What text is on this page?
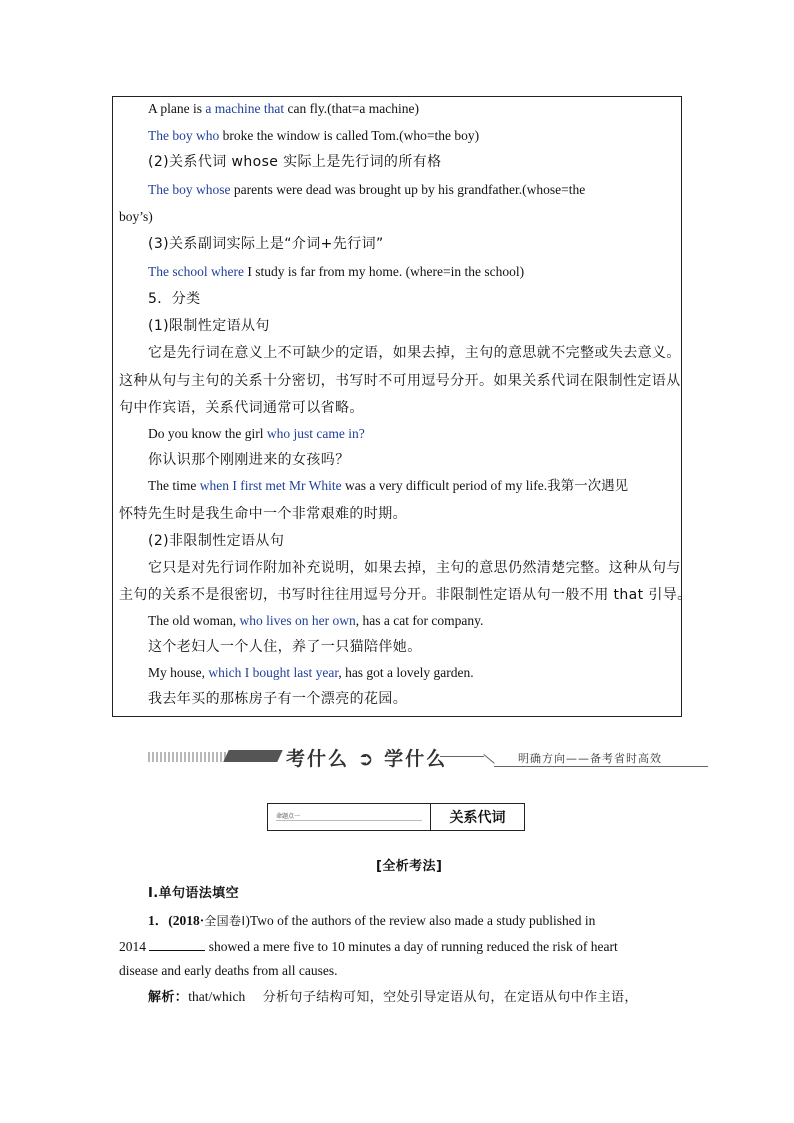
A plane is a machine that can fly.(that=a machine)
The boy who broke the window is called Tom.(who=the boy)
(2)关系代词 whose 实际上是先行词的所有格
The boy whose parents were dead was brought up by his grandfather.(whose=the
boy’s)
(3)关系副词实际上是“介词+先行词”
The school where I study is far from my home. (where=in the school)
5．分类
(1)限制性定语从句
它是先行词在意义上不可缺少的定语，如果去掉，主句的意思就不完整或失去意义。
这种从句与主句的关系十分密切，书写时不可用逗号分开。如果关系代词在限制性定语从
句中作宾语，关系代词通常可以省略。
Do you know the girl who just came in?
你认识那个刚刚进来的女孩吗？
The time when I first met Mr White was a very difficult period of my life.我第一次遇见
怀特先生时是我生命中一个非常艰难的时期。
(2)非限制性定语从句
它只是对先行词作附加补充说明，如果去掉，主句的意思仍然清楚完整。这种从句与
主句的关系不是很密切，书写时往往用逗号分开。非限制性定语从句一般不用 that 引导。
The old woman, who lives on her own, has a cat for company.
这个老妇人一个人住，养了一只猫陪伴她。
My house, which I bought last year, has got a lovely garden.
我去年买的那栋房子有一个漂亮的花园。
考什么 ➲ 学什么	明确方向——备考省时高效
命题点一	关系代词
[全析考法]
Ⅰ.单句语法填空
1．(2018·全国卷Ⅰ)Two of the authors of the review also made a study published in
2014	showed a mere five to 10 minutes a day of running reduced the risk of heart
disease and early deaths from all causes.
解析：that/which 分析句子结构可知，空处引导定语从句，在定语从句中作主语，
